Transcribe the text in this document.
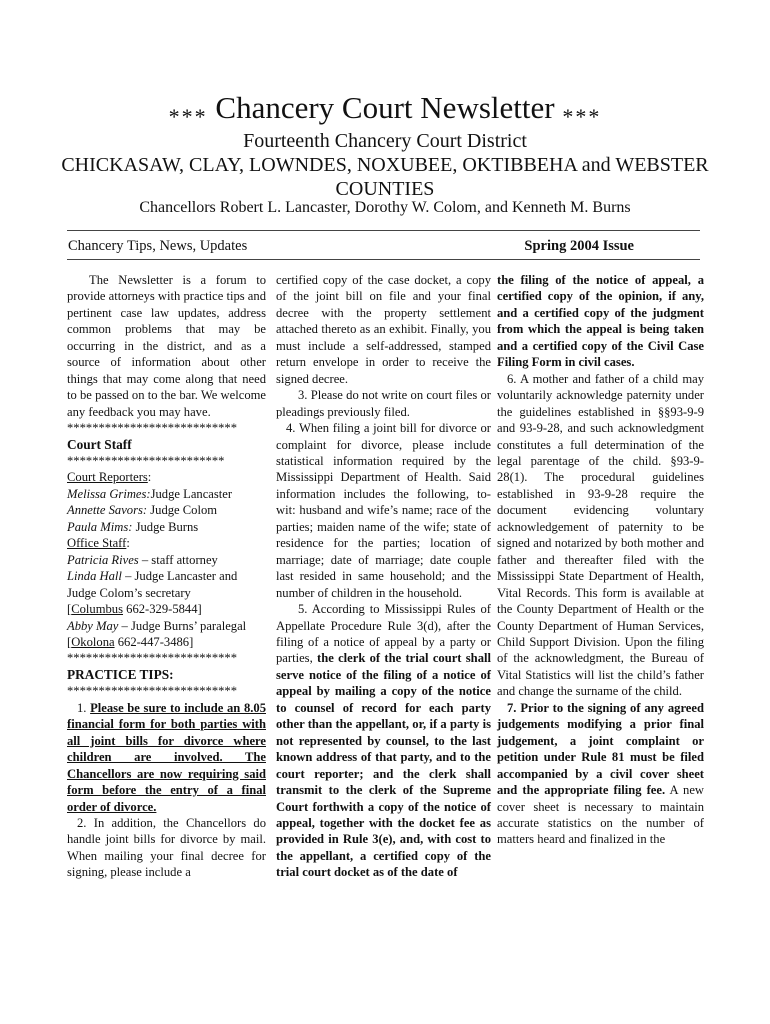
*** Chancery Court Newsletter ***
Fourteenth Chancery Court District
CHICKASAW, CLAY, LOWNDES, NOXUBEE, OKTIBBEHA and WEBSTER COUNTIES
Chancellors Robert L. Lancaster, Dorothy W. Colom, and Kenneth M. Burns
Chancery Tips, News, Updates	Spring 2004 Issue

The Newsletter is a forum to provide attorneys with practice tips and pertinent case law updates, address common problems that may be occurring in the district, and as a source of information about other things that may come along that need to be passed on to the bar. We welcome any feedback you may have.

***************************
Court Staff
*************************
Court Reporters:
Melissa Grimes:Judge Lancaster
Annette Savors: Judge Colom
Paula Mims: Judge Burns
Office Staff:
Patricia Rives – staff attorney

Linda Hall – Judge Lancaster and Judge Colom’s secretary

[Columbus 662-329-5844]

Abby May – Judge Burns’ paralegal

[Okolona 662-447-3486]
***************************
PRACTICE TIPS:
***************************

1. Please be sure to include an 8.05 financial form for both parties with all joint bills for divorce where children are involved. The Chancellors are now requiring said form before the entry of a final order of divorce.

2. In addition, the Chancellors do handle joint bills for divorce by mail. When mailing your final decree for signing, please include a

certified copy of the case docket, a copy of the joint bill on file and your final decree with the property settlement attached thereto as an exhibit. Finally, you must include a self-addressed, stamped return envelope in order to receive the signed decree.

3. Please do not write on court files or pleadings previously filed.

4. When filing a joint bill for divorce or complaint for divorce, please include statistical information required by the Mississippi Department of Health. Said information includes the following, to-wit: husband and wife’s name; race of the parties; maiden name of the wife; state of residence for the parties; location of marriage; date of marriage; date couple last resided in same household; and the number of children in the household.

5. According to Mississippi Rules of Appellate Procedure Rule 3(d), after the filing of a notice of appeal by a party or parties, the clerk of the trial court shall serve notice of the filing of a notice of appeal by mailing a copy of the notice to counsel of record for each party other than the appellant, or, if a party is not represented by counsel, to the last known address of that party, and to the court reporter; and the clerk shall transmit to the clerk of the Supreme Court forthwith a copy of the notice of appeal, together with the docket fee as provided in Rule 3(e), and, with cost to the appellant, a certified copy of the trial court docket as of the date of

the filing of the notice of appeal, a certified copy of the opinion, if any, and a certified copy of the judgment from which the appeal is being taken and a certified copy of the Civil Case Filing Form in civil cases.

6. A mother and father of a child may voluntarily acknowledge paternity under the guidelines established in §§93-9-9 and 93-9-28, and such acknowledgment constitutes a full determination of the legal parentage of the child. §93-9-28(1). The procedural guidelines established in 93-9-28 require the document evidencing voluntary acknowledgement of paternity to be signed and notarized by both mother and father and thereafter filed with the Mississippi State Department of Health, Vital Records. This form is available at the County Department of Health or the County Department of Human Services, Child Support Division. Upon the filing of the acknowledgment, the Bureau of Vital Statistics will list the child’s father and change the surname of the child.

7. Prior to the signing of any agreed judgements modifying a prior final judgement, a joint complaint or petition under Rule 81 must be filed accompanied by a civil cover sheet and the appropriate filing fee. A new cover sheet is necessary to maintain accurate statistics on the number of matters heard and finalized in the
